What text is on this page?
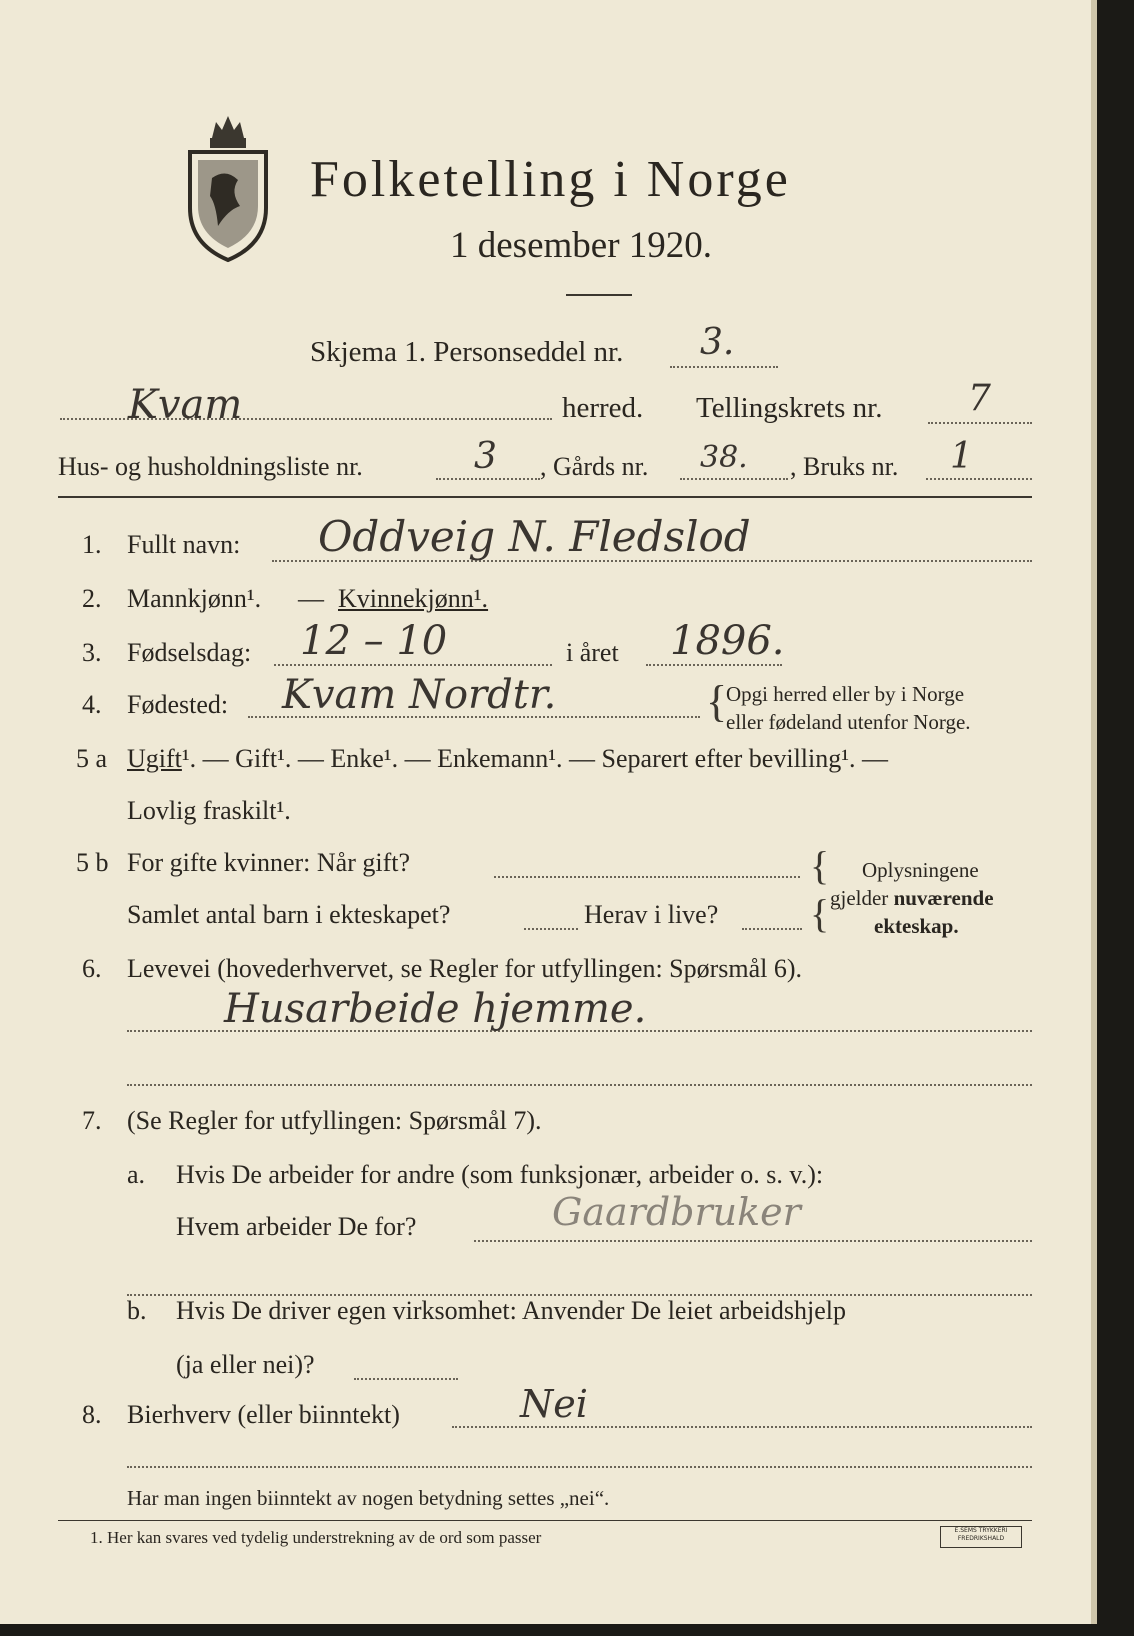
Folketelling i Norge
1 desember 1920.
Skjema 1. Personseddel nr. 3.
Kvam	herred. Tellingskrets nr. 7
Hus- og husholdningsliste nr.	3 , Gårds nr. 38. , Bruks nr. 1
1. Fullt navn: Oddveig N. Fledslod
2. Mannkjønn¹. — Kvinnekjønn¹.
3. Fødselsdag: 12 – 10	i året 1896.
4. Fødested: Kvam Nordtr.	{
Opgi herred eller by i Norge
eller fødeland utenfor Norge.
5 a Ugift¹. — Gift¹. — Enke¹. — Enkemann¹. — Separert efter bevilling¹. —
Lovlig fraskilt¹.
5 b For gifte kvinner: Når gift?
Samlet antal barn i ekteskapet?	Herav i live?
{
{
Oplysningene
gjelder nuværende
ekteskap.
6. Levevei (hovederhvervet, se Regler for utfyllingen: Spørsmål 6).
Husarbeide hjemme.
7. (Se Regler for utfyllingen: Spørsmål 7).
a. Hvis De arbeider for andre (som funksjonær, arbeider o. s. v.):
Hvem arbeider De for?	Gaardbruker
b. Hvis De driver egen virksomhet: Anvender De leiet arbeidshjelp
(ja eller nei)?
8. Bierhverv (eller biinntekt)	Nei
Har man ingen biinntekt av nogen betydning settes „nei“.
1. Her kan svares ved tydelig understrekning av de ord som passer	E.SEMS TRYKKERI
FREDRIKSHALD
